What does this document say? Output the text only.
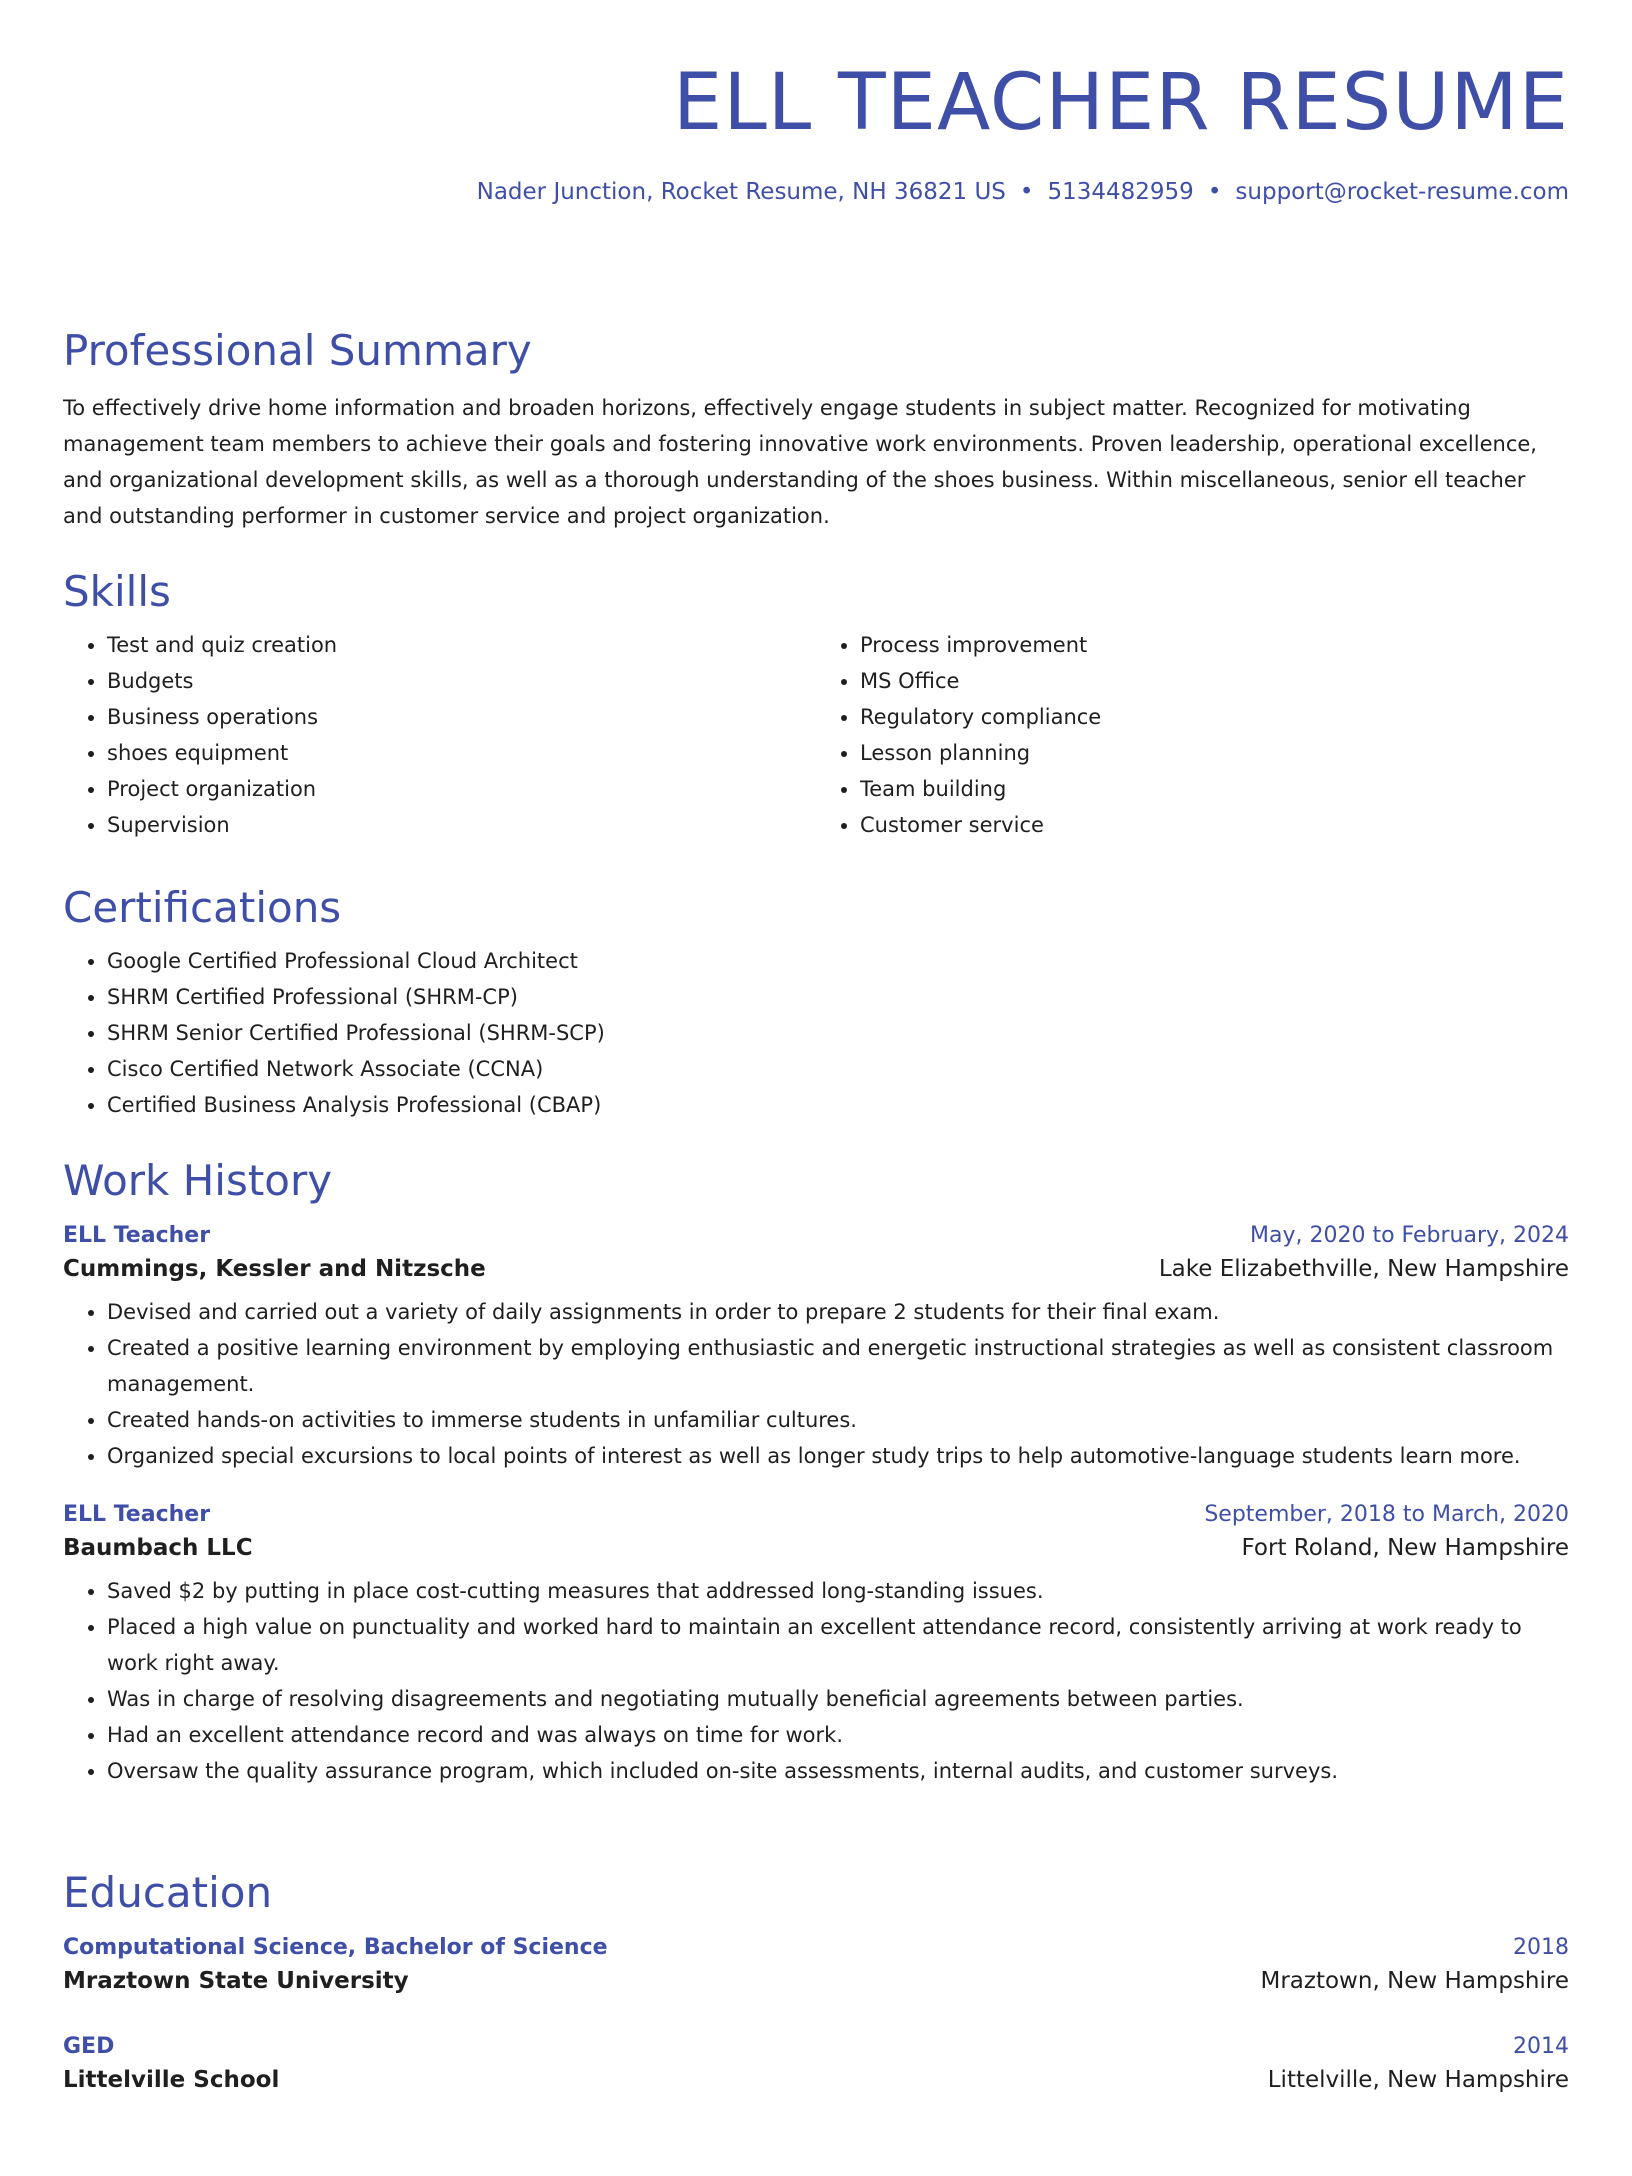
ELL TEACHER RESUME
Nader Junction, Rocket Resume, NH 36821 US • 5134482959 • support@rocket-resume.com
Professional Summary
To effectively drive home information and broaden horizons, effectively engage students in subject matter. Recognized for motivating management team members to achieve their goals and fostering innovative work environments. Proven leadership, operational excellence, and organizational development skills, as well as a thorough understanding of the shoes business. Within miscellaneous, senior ell teacher and outstanding performer in customer service and project organization.
Skills
• Test and quiz creation
• Budgets
• Business operations
• shoes equipment
• Project organization
• Supervision
• Process improvement
• MS Office
• Regulatory compliance
• Lesson planning
• Team building
• Customer service
Certifications
• Google Certified Professional Cloud Architect
• SHRM Certified Professional (SHRM-CP)
• SHRM Senior Certified Professional (SHRM-SCP)
• Cisco Certified Network Associate (CCNA)
• Certified Business Analysis Professional (CBAP)
Work History
ELL Teacher	May, 2020 to February, 2024
Cummings, Kessler and Nitzsche	Lake Elizabethville, New Hampshire
• Devised and carried out a variety of daily assignments in order to prepare 2 students for their final exam.
• Created a positive learning environment by employing enthusiastic and energetic instructional strategies as well as consistent classroom management.
• Created hands-on activities to immerse students in unfamiliar cultures.
• Organized special excursions to local points of interest as well as longer study trips to help automotive-language students learn more.
ELL Teacher	September, 2018 to March, 2020
Baumbach LLC	Fort Roland, New Hampshire
• Saved $2 by putting in place cost-cutting measures that addressed long-standing issues.
• Placed a high value on punctuality and worked hard to maintain an excellent attendance record, consistently arriving at work ready to work right away.
• Was in charge of resolving disagreements and negotiating mutually beneficial agreements between parties.
• Had an excellent attendance record and was always on time for work.
• Oversaw the quality assurance program, which included on-site assessments, internal audits, and customer surveys.
Education
Computational Science, Bachelor of Science	2018
Mraztown State University	Mraztown, New Hampshire
GED	2014
Littelville School	Littelville, New Hampshire
